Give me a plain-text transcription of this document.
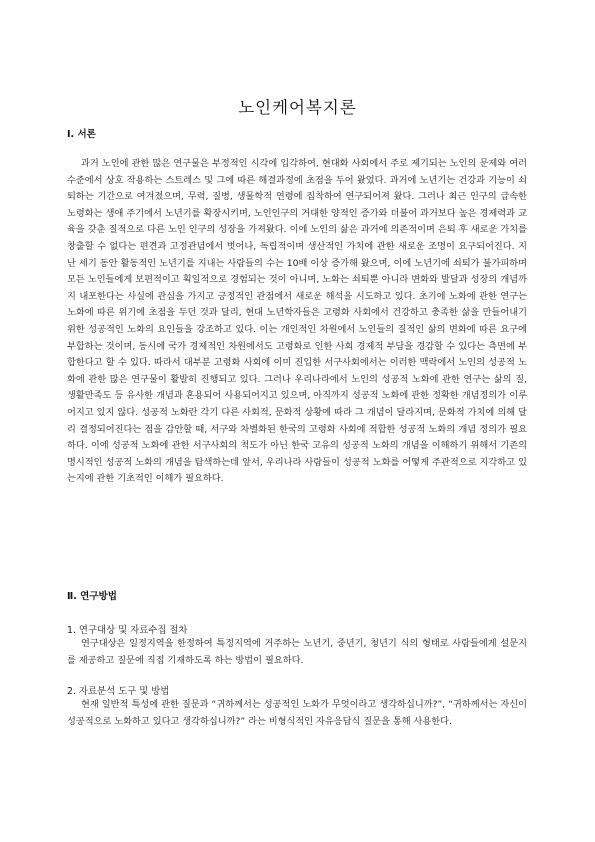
노인케어복지론
Ⅰ. 서론
과거 노인에 관한 많은 연구물은 부정적인 시각에 입각하여, 현대화 사회에서 주로 제기되는 노인의 문제와 여러 수준에서 상호 작용하는 스트레스 및 그에 따른 해결과정에 초점을 두어 왔었다. 과거에 노년기는 건강과 기능이 쇠퇴하는 기간으로 여겨졌으며, 무력, 질병, 생물학적 연령에 집착하여 연구되어져 왔다. 그러나 최근 인구의 급속한 노령화는 생애 주기에서 노년기를 확장시키며, 노인인구의 거대한 양적인 증가와 더불어 과거보다 높은 경제력과 교육을 갖춘 질적으로 다른 노인 인구의 성장을 가져왔다. 이에 노인의 삶은 과거에 의존적이며 은퇴 후 새로운 가치를 창출할 수 없다는 편견과 고정관념에서 벗어나, 독립적이며 생산적인 가치에 관한 새로운 조명이 요구되어진다. 지난 세기 동안 활동적인 노년기를 지내는 사람들의 수는 10배 이상 증가해 왔으며, 이에 노년기에 쇠퇴가 불가피하며 모든 노인들에게 보편적이고 획일적으로 경험되는 것이 아니며, 노화는 쇠퇴뿐 아니라 변화와 발달과 성장의 개념까지 내포한다는 사실에 관심을 가지고 긍정적인 관점에서 새로운 해석을 시도하고 있다. 초기에 노화에 관한 연구는 노화에 따른 위기에 초점을 두던 것과 달리, 현대 노년학자들은 고령화 사회에서 건강하고 충족한 삶을 만들어내기 위한 성공적인 노화의 요인들을 강조하고 있다. 이는 개인적인 차원에서 노인들의 질적인 삶의 변화에 따른 요구에 부합하는 것이며, 동시에 국가 경제적인 차원에서도 고령화로 인한 사회 경제적 부담을 경감할 수 있다는 측면에 부합한다고 할 수 있다. 따라서 대부분 고령화 사회에 이미 진입한 서구사회에서는 이러한 맥락에서 노인의 성공적 노화에 관한 많은 연구물이 활발히 진행되고 있다. 그러나 우리나라에서 노인의 성공적 노화에 관한 연구는 삶의 질, 생활만족도 등 유사한 개념과 혼용되어 사용되어지고 있으며, 아직까지 성공적 노화에 관한 정확한 개념정의가 이루어지고 있지 않다. 성공적 노화란 각기 다른 사회적, 문화적 상황에 따라 그 개념이 달라지며, 문화적 가치에 의해 달리 결정되어진다는 점을 감안할 때, 서구와 차별화된 한국의 고령화 사회에 적합한 성공적 노화의 개념 정의가 필요하다. 이에 성공적 노화에 관한 서구사회의 척도가 아닌 한국 고유의 성공적 노화의 개념을 이해하기 위해서 기존의 명시적인 성공적 노화의 개념을 탐색하는데 앞서, 우리나라 사람들이 성공적 노화를 어떻게 주관적으로 지각하고 있는지에 관한 기초적인 이해가 필요하다.
Ⅱ. 연구방법
1. 연구대상 및 자료수집 절차
연구대상은 일정지역을 한정하여 특정지역에 거주하는 노년기, 중년기, 청년기 식의 형태로 사람들에게 설문지를 제공하고 질문에 직접 기재하도록 하는 방법이 필요하다.
2. 자료분석 도구 및 방법
현재 일반적 특성에 관한 질문과 “귀하께서는 성공적인 노화가 무엇이라고 생각하십니까?”, “귀하께서는 자신이 성공적으로 노화하고 있다고 생각하십니까?” 라는 비형식적인 자유응답식 질문을 통해 사용한다.
